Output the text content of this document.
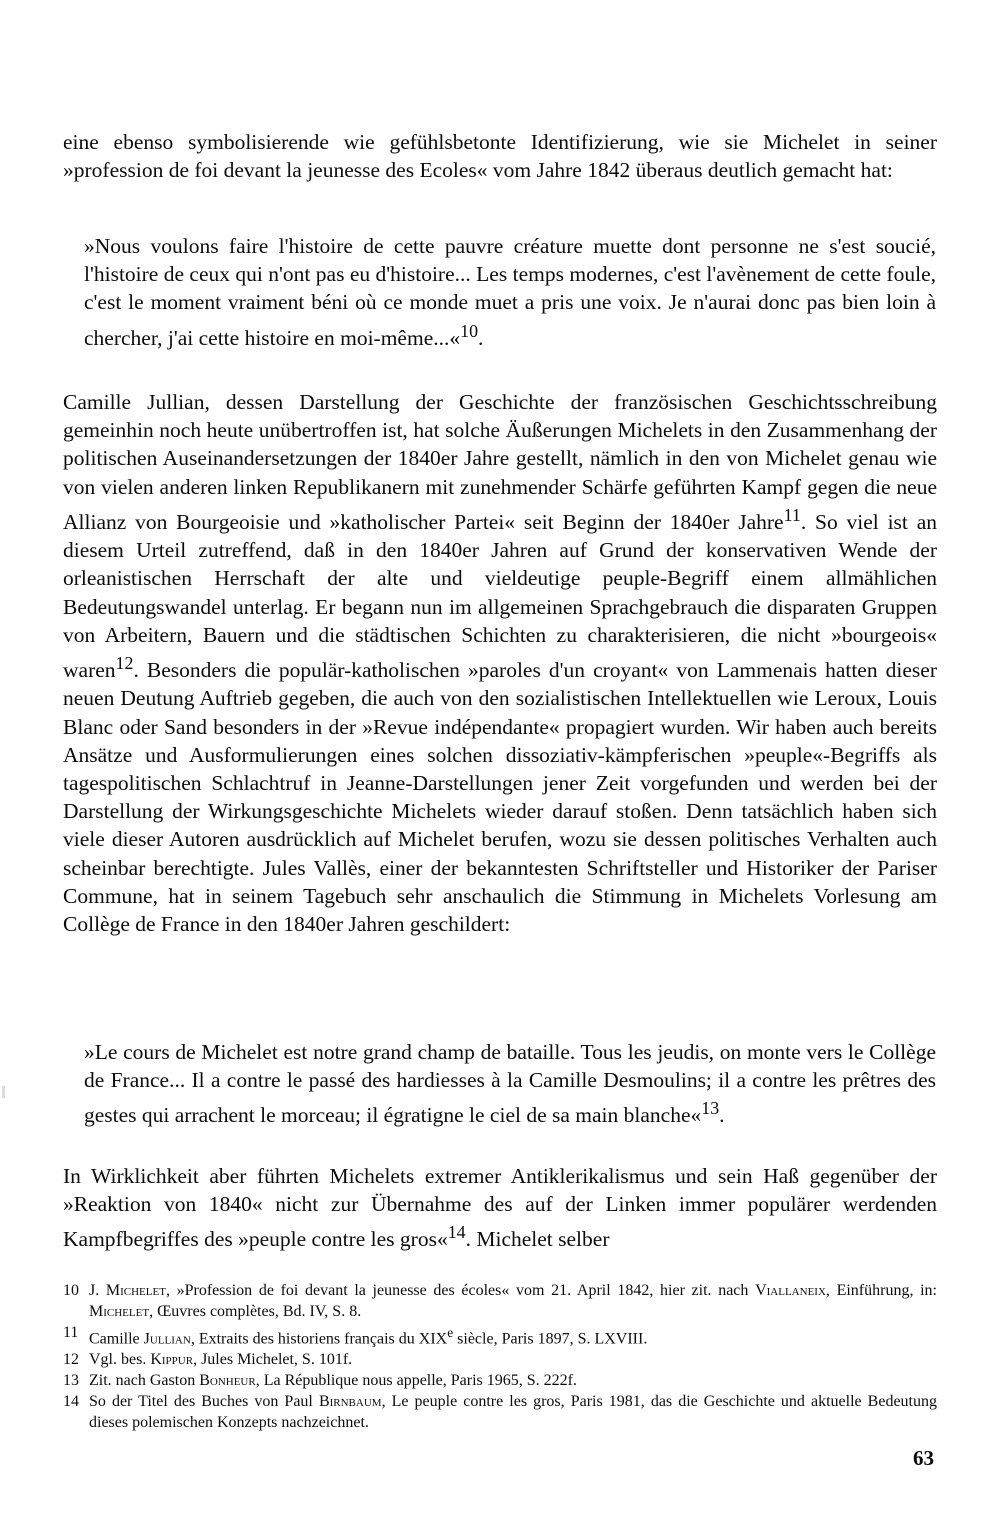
eine ebenso symbolisierende wie gefühlsbetonte Identifizierung, wie sie Michelet in seiner »profession de foi devant la jeunesse des Ecoles« vom Jahre 1842 überaus deutlich gemacht hat:

»Nous voulons faire l'histoire de cette pauvre créature muette dont personne ne s'est soucié, l'histoire de ceux qui n'ont pas eu d'histoire... Les temps modernes, c'est l'avènement de cette foule, c'est le moment vraiment béni où ce monde muet a pris une voix. Je n'aurai donc pas bien loin à chercher, j'ai cette histoire en moi-même...«$^{10}$.

Camille Jullian, dessen Darstellung der Geschichte der französischen Geschichtsschreibung gemeinhin noch heute unübertroffen ist, hat solche Äußerungen Michelets in den Zusammenhang der politischen Auseinandersetzungen der 1840er Jahre gestellt, nämlich in den von Michelet genau wie von vielen anderen linken Republikanern mit zunehmender Schärfe geführten Kampf gegen die neue Allianz von Bourgeoisie und »katholischer Partei« seit Beginn der 1840er Jahre$^{11}$. So viel ist an diesem Urteil zutreffend, daß in den 1840er Jahren auf Grund der konservativen Wende der orleanistischen Herrschaft der alte und vieldeutige peuple-Begriff einem allmählichen Bedeutungswandel unterlag. Er begann nun im allgemeinen Sprachgebrauch die disparaten Gruppen von Arbeitern, Bauern und die städtischen Schichten zu charakterisieren, die nicht »bourgeois« waren$^{12}$. Besonders die populär-katholischen »paroles d'un croyant« von Lammenais hatten dieser neuen Deutung Auftrieb gegeben, die auch von den sozialistischen Intellektuellen wie Leroux, Louis Blanc oder Sand besonders in der »Revue indépendante« propagiert wurden. Wir haben auch bereits Ansätze und Ausformulierungen eines solchen dissoziativ-kämpferischen »peuple«-Begriffs als tagespolitischen Schlachtruf in Jeanne-Darstellungen jener Zeit vorgefunden und werden bei der Darstellung der Wirkungsgeschichte Michelets wieder darauf stoßen. Denn tatsächlich haben sich viele dieser Autoren ausdrücklich auf Michelet berufen, wozu sie dessen politisches Verhalten auch scheinbar berechtigte. Jules Vallès, einer der bekanntesten Schriftsteller und Historiker der Pariser Commune, hat in seinem Tagebuch sehr anschaulich die Stimmung in Michelets Vorlesung am Collège de France in den 1840er Jahren geschildert:

»Le cours de Michelet est notre grand champ de bataille. Tous les jeudis, on monte vers le Collège de France... Il a contre le passé des hardiesses à la Camille Desmoulins; il a contre les prêtres des gestes qui arrachent le morceau; il égratigne le ciel de sa main blanche«$^{13}$.

In Wirklichkeit aber führten Michelets extremer Antiklerikalismus und sein Haß gegenüber der »Reaktion von 1840« nicht zur Übernahme des auf der Linken immer populärer werdenden Kampfbegriffes des »peuple contre les gros«$^{14}$. Michelet selber

10 J. Michelet, »Profession de foi devant la jeunesse des écoles« vom 21. April 1842, hier zit. nach Viallaneix, Einführung, in: Michelet, Œuvres complètes, Bd. IV, S. 8.
11 Camille Jullian, Extraits des historiens français du XIXe siècle, Paris 1897, S. LXVIII.
12 Vgl. bes. Kippur, Jules Michelet, S. 101f.
13 Zit. nach Gaston Bonheur, La République nous appelle, Paris 1965, S. 222f.
14 So der Titel des Buches von Paul Birnbaum, Le peuple contre les gros, Paris 1981, das die Geschichte und aktuelle Bedeutung dieses polemischen Konzepts nachzeichnet.
63
